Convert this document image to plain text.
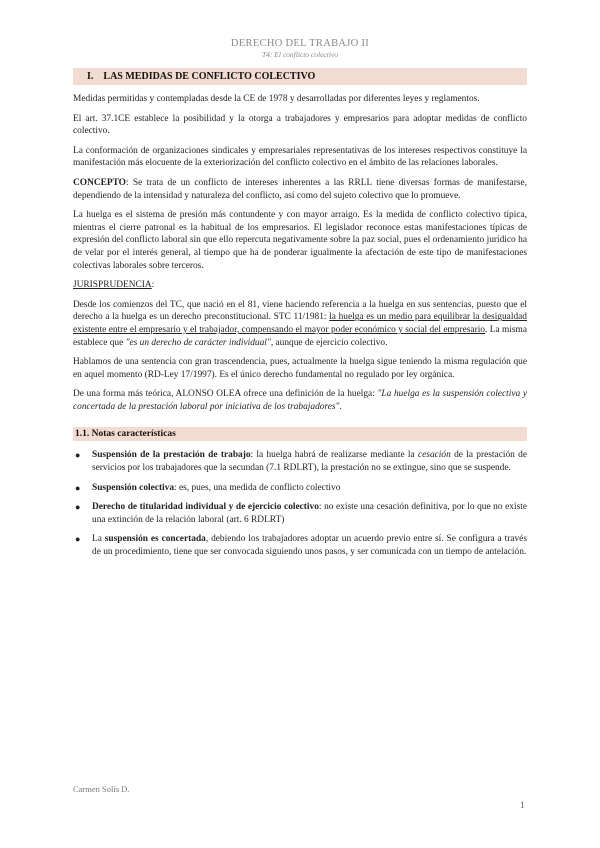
DERECHO DEL TRABAJO II
T4: El conflicto colectivo
I. LAS MEDIDAS DE CONFLICTO COLECTIVO

Medidas permitidas y contempladas desde la CE de 1978 y desarrolladas por diferentes leyes y reglamentos.

El art. 37.1CE establece la posibilidad y la otorga a trabajadores y empresarios para adoptar medidas de conflicto colectivo.

La conformación de organizaciones sindicales y empresariales representativas de los intereses respectivos constituye la manifestación más elocuente de la exteriorización del conflicto colectivo en el ámbito de las relaciones laborales.

CONCEPTO: Se trata de un conflicto de intereses inherentes a las RRLL tiene diversas formas de manifestarse, dependiendo de la intensidad y naturaleza del conflicto, así como del sujeto colectivo que lo promueve.

La huelga es el sistema de presión más contundente y con mayor arraigo. Es la medida de conflicto colectivo típica, mientras el cierre patronal es la habitual de los empresarios. El legislador reconoce estas manifestaciones típicas de expresión del conflicto laboral sin que ello repercuta negativamente sobre la paz social, pues el ordenamiento jurídico ha de velar por el interés general, al tiempo que ha de ponderar igualmente la afectación de este tipo de manifestaciones colectivas laborales sobre terceros.

JURISPRUDENCIA:

Desde los comienzos del TC, que nació en el 81, viene haciendo referencia a la huelga en sus sentencias, puesto que el derecho a la huelga es un derecho preconstitucional. STC 11/1981: la huelga es un medio para equilibrar la desigualdad existente entre el empresario y el trabajador, compensando el mayor poder económico y social del empresario. La misma establece que "es un derecho de carácter individual", aunque de ejercicio colectivo.

Hablamos de una sentencia con gran trascendencia, pues, actualmente la huelga sigue teniendo la misma regulación que en aquel momento (RD-Ley 17/1997). Es el único derecho fundamental no regulado por ley orgánica.

De una forma más teórica, ALONSO OLEA ofrece una definición de la huelga: "La huelga es la suspensión colectiva y concertada de la prestación laboral por iniciativa de los trabajadores".

1.1. Notas características
● Suspensión de la prestación de trabajo: la huelga habrá de realizarse mediante la cesación de la prestación de servicios por los trabajadores que la secundan (7.1 RDLRT), la prestación no se extingue, sino que se suspende.
● Suspensión colectiva: es, pues, una medida de conflicto colectivo
● Derecho de titularidad individual y de ejercicio colectivo: no existe una cesación definitiva, por lo que no existe una extinción de la relación laboral (art. 6 RDLRT)
● La suspensión es concertada, debiendo los trabajadores adoptar un acuerdo previo entre sí. Se configura a través de un procedimiento, tiene que ser convocada siguiendo unos pasos, y ser comunicada con un tiempo de antelación.
Carmen Solís D.
1
